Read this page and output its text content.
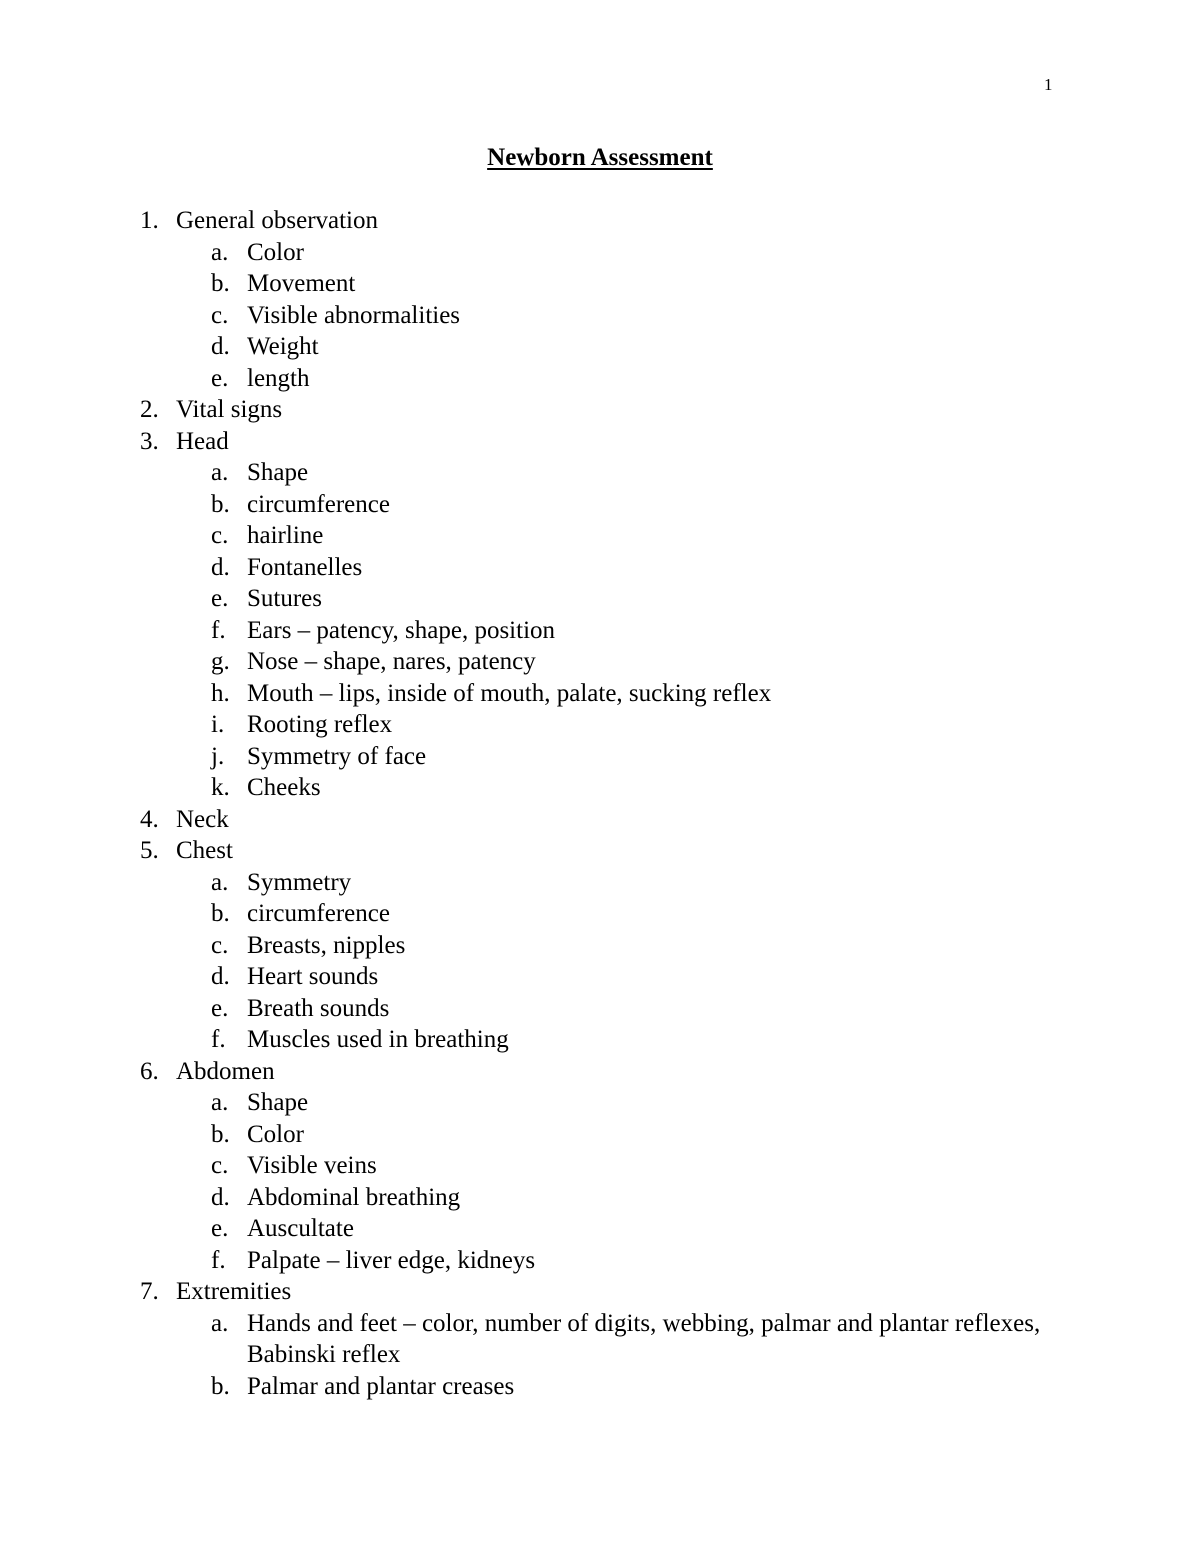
1
Newborn Assessment
1. General observation
a. Color
b. Movement
c. Visible abnormalities
d. Weight
e. length
2. Vital signs
3. Head
a. Shape
b. circumference
c. hairline
d. Fontanelles
e. Sutures
f. Ears – patency, shape, position
g. Nose – shape, nares, patency
h. Mouth – lips, inside of mouth, palate, sucking reflex
i. Rooting reflex
j. Symmetry of face
k. Cheeks
4. Neck
5. Chest
a. Symmetry
b. circumference
c. Breasts, nipples
d. Heart sounds
e. Breath sounds
f. Muscles used in breathing
6. Abdomen
a. Shape
b. Color
c. Visible veins
d. Abdominal breathing
e. Auscultate
f. Palpate – liver edge, kidneys
7. Extremities
a. Hands and feet – color, number of digits, webbing, palmar and plantar reflexes, Babinski reflex
b. Palmar and plantar creases
